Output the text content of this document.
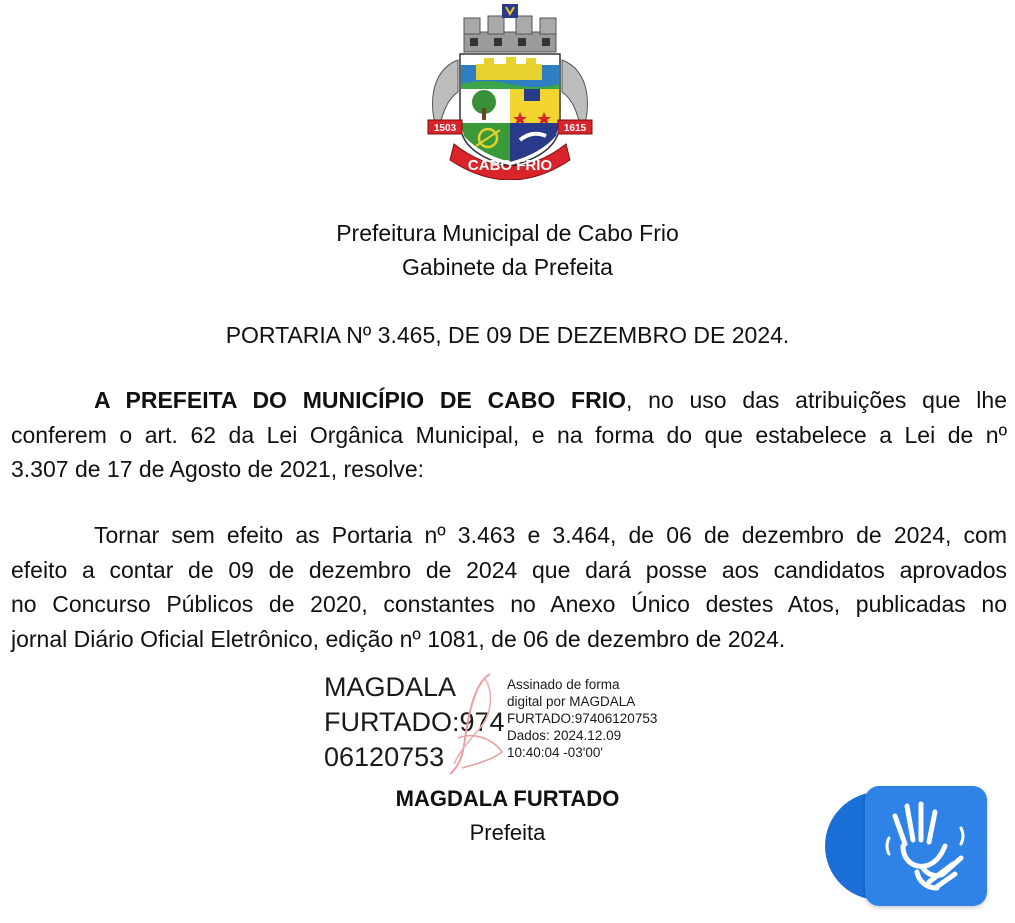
1503	1615
CABO FRIO
Prefeitura Municipal de Cabo Frio
Gabinete da Prefeita
PORTARIA Nº 3.465, DE 09 DE DEZEMBRO DE 2024.
A PREFEITA DO MUNICÍPIO DE CABO FRIO, no uso das atribuições que lhe
conferem o art. 62 da Lei Orgânica Municipal, e na forma do que estabelece a Lei de nº
3.307 de 17 de Agosto de 2021, resolve:
Tornar sem efeito as Portaria nº 3.463 e 3.464, de 06 de dezembro de 2024, com
efeito a contar de 09 de dezembro de 2024 que dará posse aos candidatos aprovados
no Concurso Públicos de 2020, constantes no Anexo Único destes Atos, publicadas no
jornal Diário Oficial Eletrônico, edição nº 1081, de 06 de dezembro de 2024.
MAGDALA
FURTADO:974
06120753
Assinado de forma
digital por MAGDALA
FURTADO:97406120753
Dados: 2024.12.09
10:40:04 -03'00'
MAGDALA FURTADO
Prefeita
